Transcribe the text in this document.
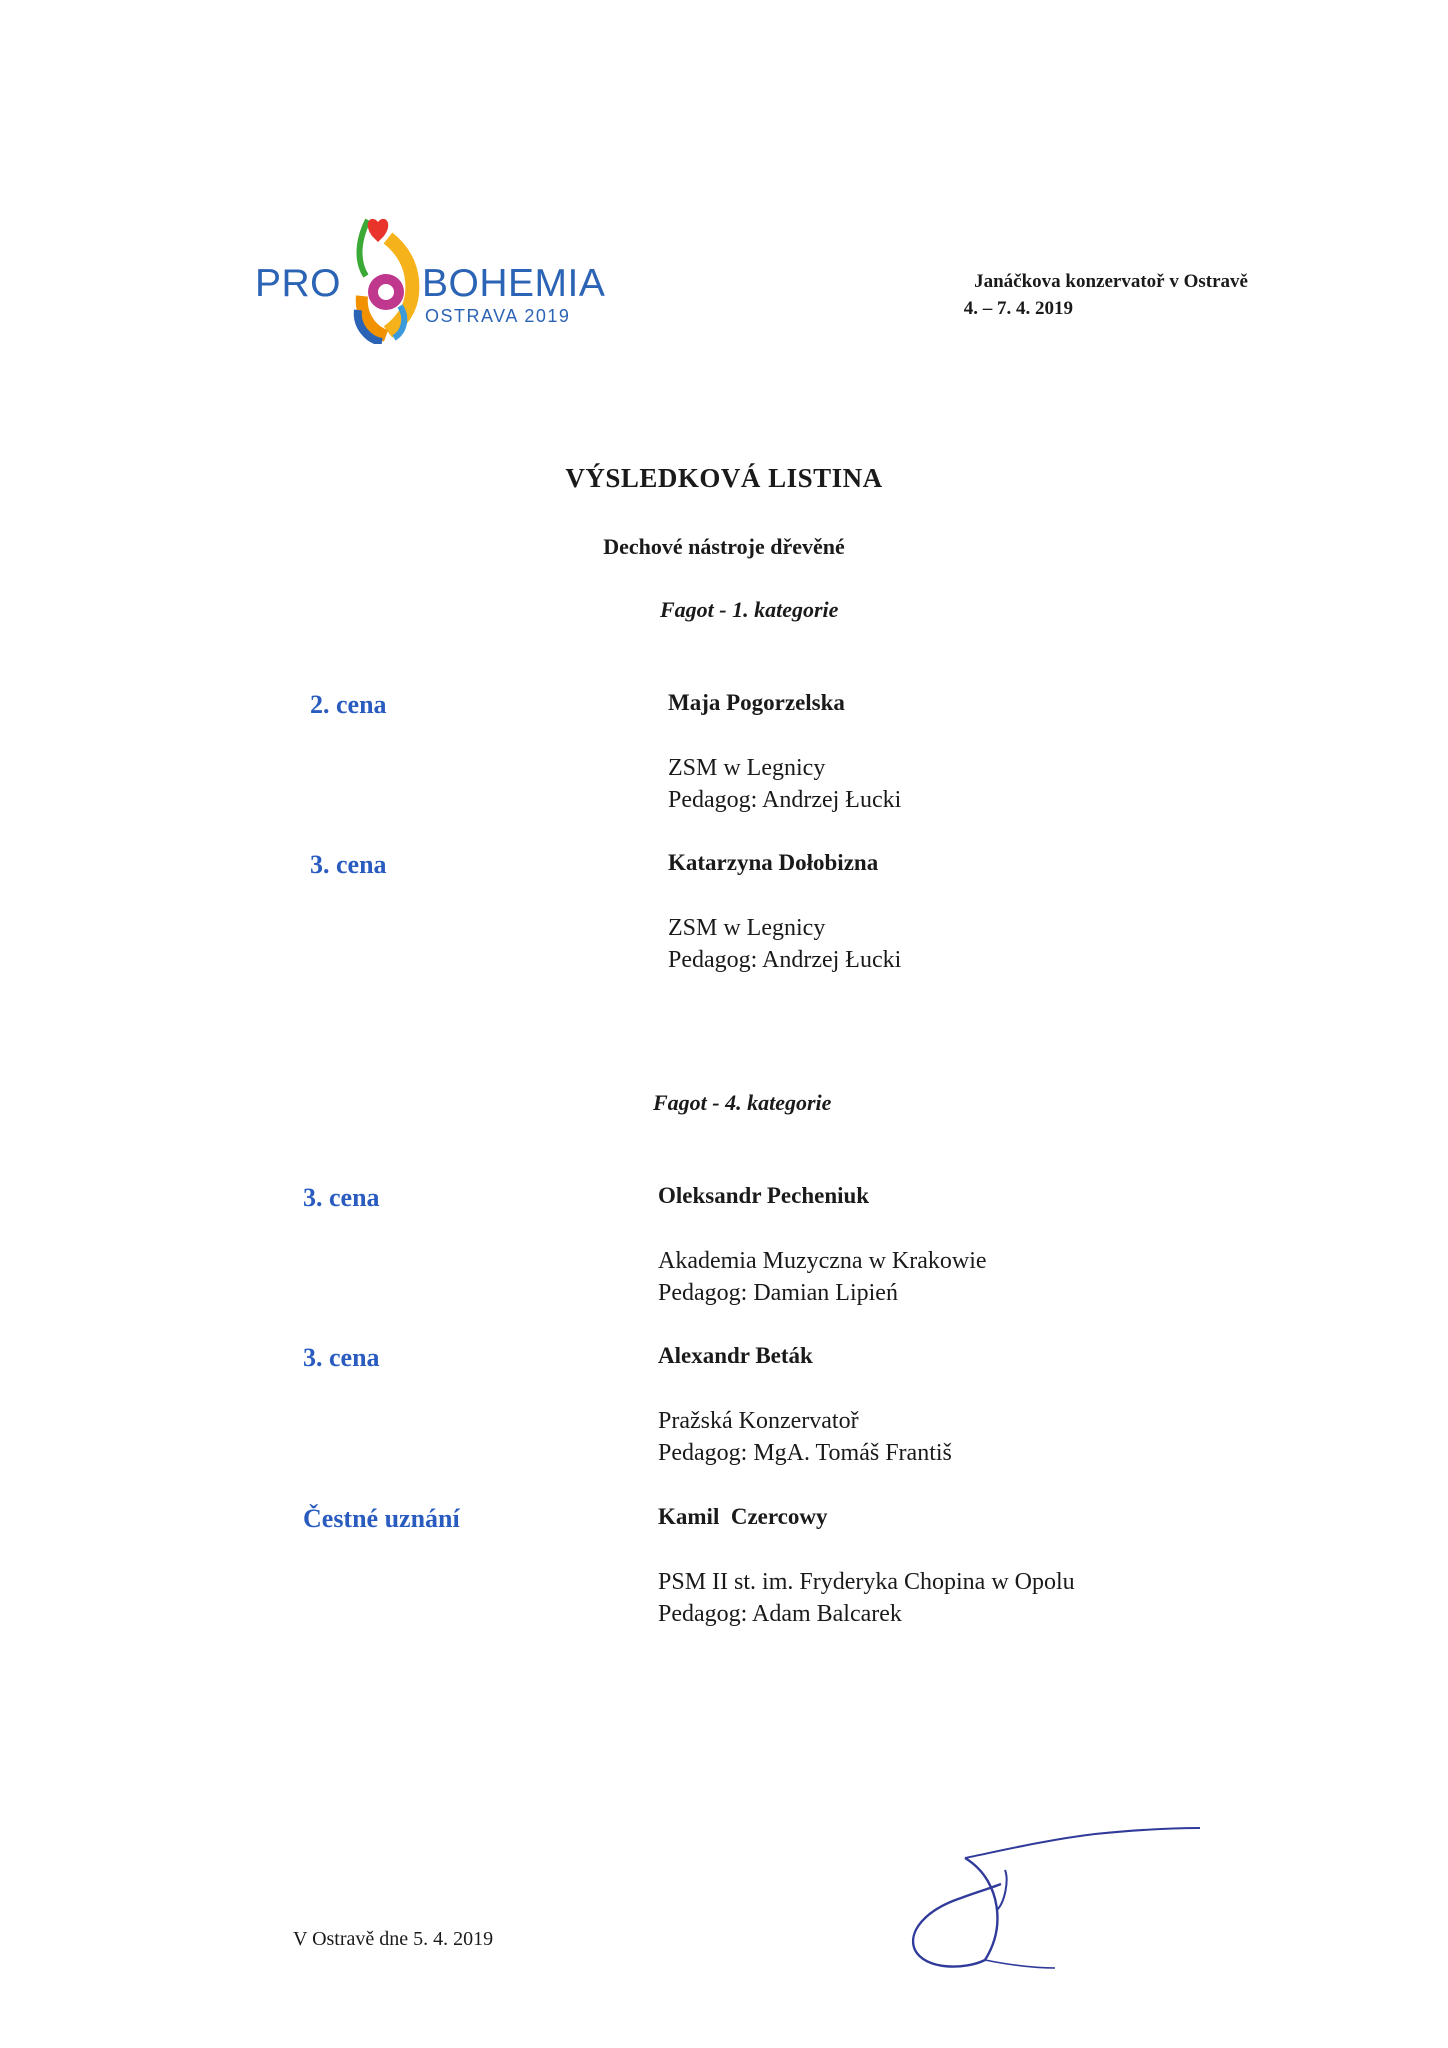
PRO BOHEMIA
OSTRAVA 2019
Janáčkova konzervatoř v Ostravě

4. – 7. 4. 2019
VÝSLEDKOVÁ LISTINA
Dechové nástroje dřevěné
Fagot - 1. kategorie
2. cena	Maja Pogorzelska
ZSM w Legnicy
Pedagog: Andrzej Łucki
3. cena	Katarzyna Dołobizna
ZSM w Legnicy
Pedagog: Andrzej Łucki
Fagot - 4. kategorie
3. cena	Oleksandr Pecheniuk
Akademia Muzyczna w Krakowie
Pedagog: Damian Lipień
3. cena	Alexandr Beták
Pražská Konzervatoř
Pedagog: MgA. Tomáš Františ
Čestné uznání	Kamil  Czercowy
PSM II st. im. Fryderyka Chopina w Opolu
Pedagog: Adam Balcarek
V Ostravě dne 5. 4. 2019
